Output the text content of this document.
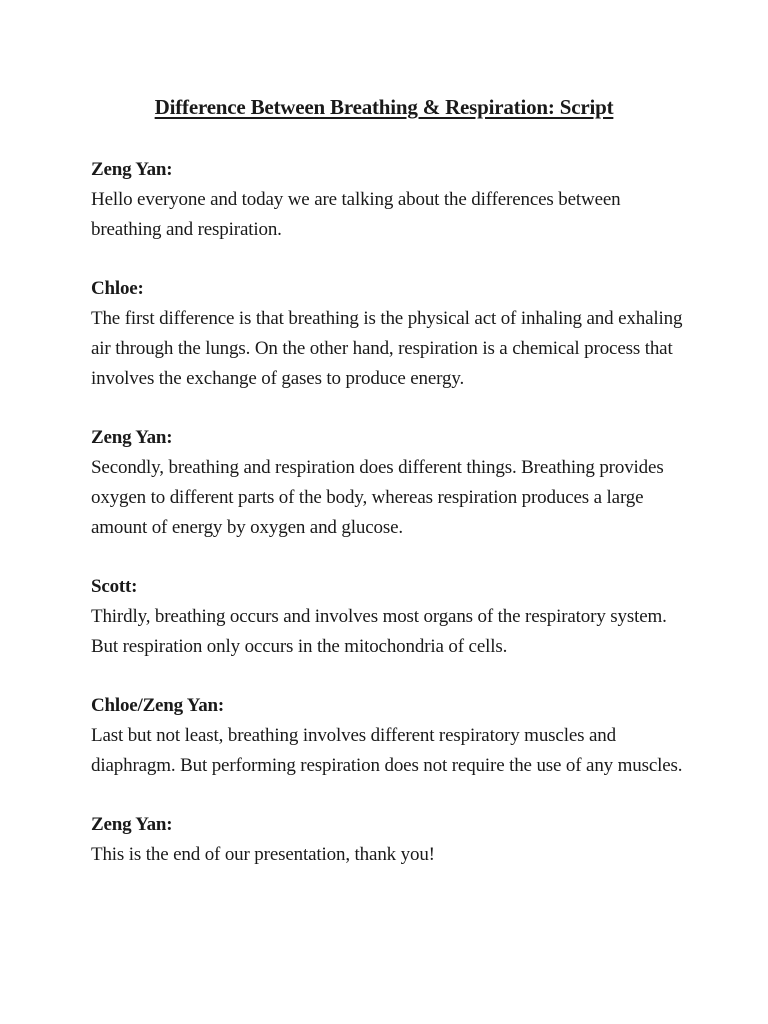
Difference Between Breathing & Respiration: Script

Zeng Yan:

Hello everyone and today we are talking about the differences between breathing and respiration.

Chloe:

The first difference is that breathing is the physical act of inhaling and exhaling air through the lungs. On the other hand, respiration is a chemical process that involves the exchange of gases to produce energy.

Zeng Yan:

Secondly, breathing and respiration does different things. Breathing provides oxygen to different parts of the body, whereas respiration produces a large amount of energy by oxygen and glucose.

Scott:

Thirdly, breathing occurs and involves most organs of the respiratory system. But respiration only occurs in the mitochondria of cells.

Chloe/Zeng Yan:

Last but not least, breathing involves different respiratory muscles and diaphragm. But performing respiration does not require the use of any muscles.

Zeng Yan:

This is the end of our presentation, thank you!
